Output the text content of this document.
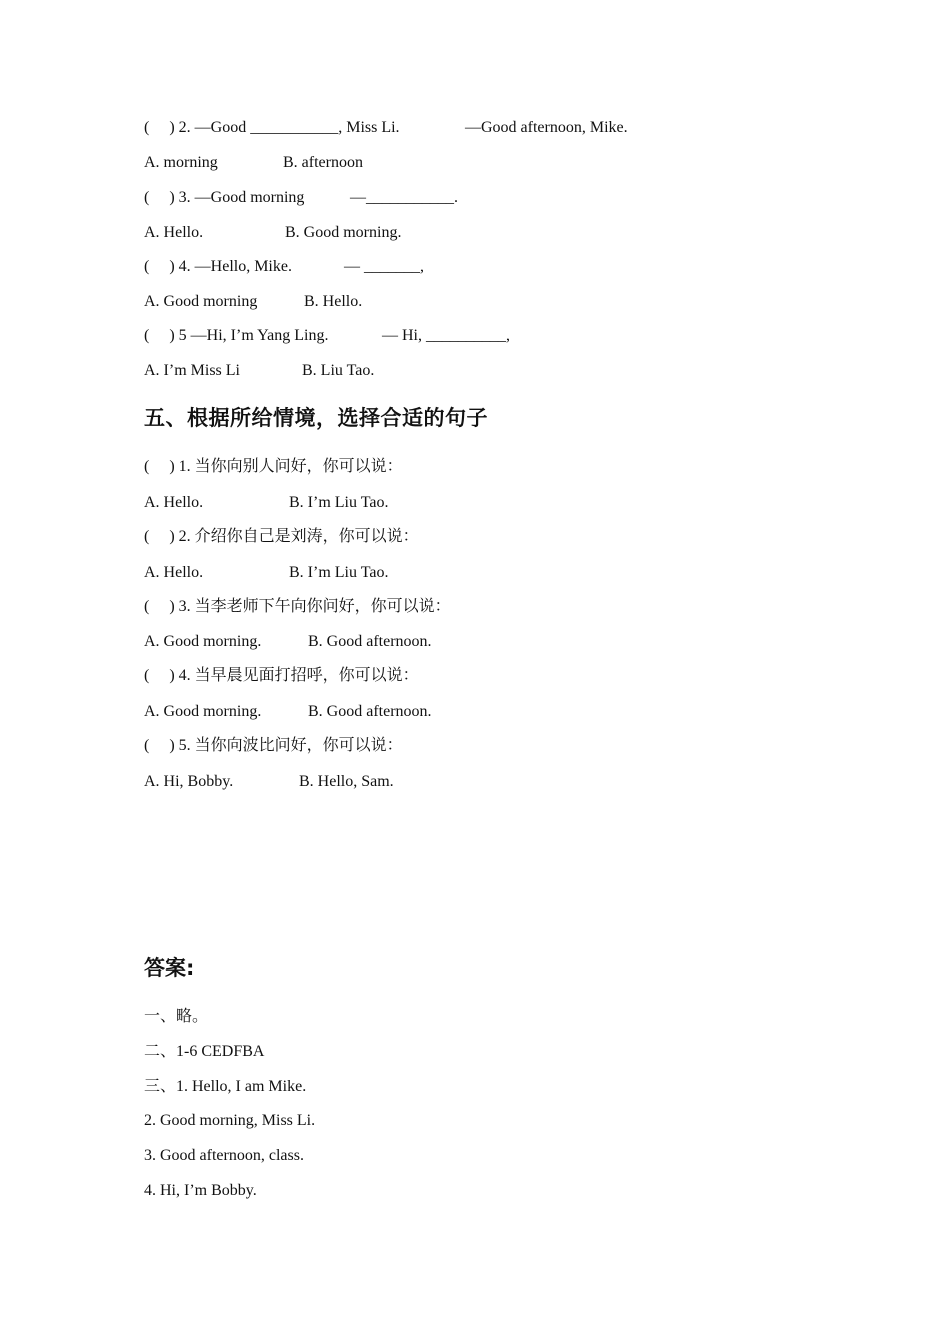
(     ) 2. —Good ___________, Miss Li.

	—Good afternoon, Mike.

A. morning

	B. afternoon

(     ) 3. —Good morning

	—___________.

A. Hello.

	B. Good morning.

(     ) 4. —Hello, Mike.

	— _______,

A. Good morning

	B. Hello.

(     ) 5 —Hi, I’m Yang Ling.

	— Hi, __________,

A. I’m Miss Li

	B. Liu Tao.

五、根据所给情境，选择合适的句子
(     ) 1. 当你向别人问好，你可以说：

A. Hello.

	B. I’m Liu Tao.

(     ) 2. 介绍你自己是刘涛，你可以说：

A. Hello.

	B. I’m Liu Tao.

(     ) 3. 当李老师下午向你问好，你可以说：

A. Good morning.

	B. Good afternoon.

(     ) 4. 当早晨见面打招呼，你可以说：

A. Good morning.

	B. Good afternoon.

(     ) 5. 当你向波比问好，你可以说：

A. Hi, Bobby.

	B. Hello, Sam.

答案:
一、略。
二、1-6 CEDFBA
三、1. Hello, I am Mike.
2. Good morning, Miss Li.
3. Good afternoon, class.
4. Hi, I’m Bobby.
